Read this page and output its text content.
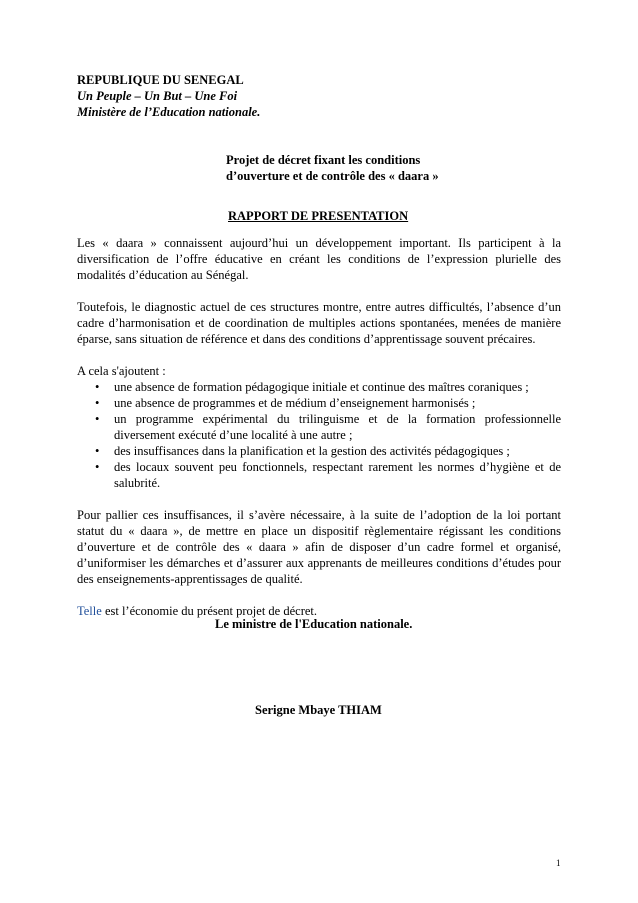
REPUBLIQUE DU SENEGAL
Un Peuple – Un But – Une Foi
Ministère de l’Education nationale.
Projet de décret fixant les conditions
d’ouverture et de contrôle des « daara »
RAPPORT DE PRESENTATION

Les « daara » connaissent aujourd’hui un développement important. Ils participent à la diversification de l’offre éducative en créant les conditions de l’expression plurielle des modalités d’éducation au Sénégal.

Toutefois, le diagnostic actuel de ces structures montre, entre autres difficultés, l’absence d’un cadre d’harmonisation et de coordination de multiples actions spontanées, menées de manière éparse, sans situation de référence et dans des conditions d’apprentissage souvent précaires.

A cela s'ajoutent :

• une absence de formation pédagogique initiale et continue des maîtres coraniques ;
• une absence de programmes et de médium d’enseignement harmonisés ;
• un programme expérimental du trilinguisme et de la formation professionnelle diversement exécuté d’une localité à une autre ;
• des insuffisances dans la planification et la gestion des activités pédagogiques ;
• des locaux souvent peu fonctionnels, respectant rarement les normes d’hygiène et de salubrité.

Pour pallier ces insuffisances, il s’avère nécessaire, à la suite de l’adoption de la loi portant statut du « daara », de mettre en place un dispositif règlementaire régissant les conditions d’ouverture et de contrôle des « daara » afin de disposer d’un cadre formel et organisé, d’uniformiser les démarches et d’assurer aux apprenants de meilleures conditions d’études pour des enseignements-apprentissages de qualité.

Telle est l’économie du présent projet de décret.

Le ministre de l'Education nationale.
Serigne Mbaye THIAM
1
